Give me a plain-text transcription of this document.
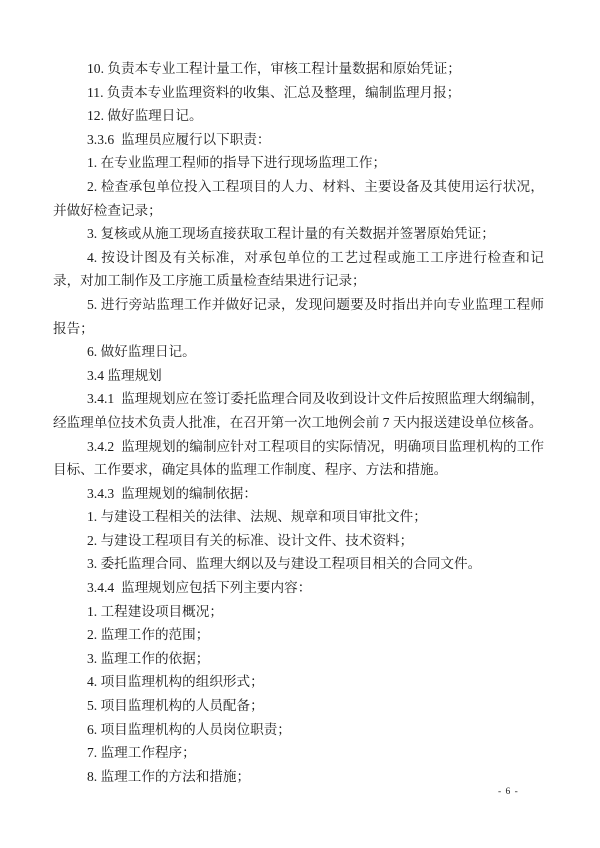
10. 负责本专业工程计量工作，审核工程计量数据和原始凭证；

11. 负责本专业监理资料的收集、汇总及整理，编制监理月报；

12. 做好监理日记。

3.3.6  监理员应履行以下职责：

1. 在专业监理工程师的指导下进行现场监理工作；

2. 检查承包单位投入工程项目的人力、材料、主要设备及其使用运行状况，并做好检查记录；

3. 复核或从施工现场直接获取工程计量的有关数据并签署原始凭证；

4. 按设计图及有关标准，对承包单位的工艺过程或施工工序进行检查和记录，对加工制作及工序施工质量检查结果进行记录；

5. 进行旁站监理工作并做好记录，发现问题要及时指出并向专业监理工程师报告；

6. 做好监理日记。

3.4 监理规划

3.4.1  监理规划应在签订委托监理合同及收到设计文件后按照监理大纲编制，经监理单位技术负责人批准，在召开第一次工地例会前 7 天内报送建设单位核备。

3.4.2  监理规划的编制应针对工程项目的实际情况，明确项目监理机构的工作目标、工作要求，确定具体的监理工作制度、程序、方法和措施。

3.4.3  监理规划的编制依据：

1. 与建设工程相关的法律、法规、规章和项目审批文件；

2. 与建设工程项目有关的标准、设计文件、技术资料；

3. 委托监理合同、监理大纲以及与建设工程项目相关的合同文件。

3.4.4  监理规划应包括下列主要内容：

1. 工程建设项目概况；

2. 监理工作的范围；

3. 监理工作的依据；

4. 项目监理机构的组织形式；

5. 项目监理机构的人员配备；

6. 项目监理机构的人员岗位职责；

7. 监理工作程序；

8. 监理工作的方法和措施；

- 6 -
